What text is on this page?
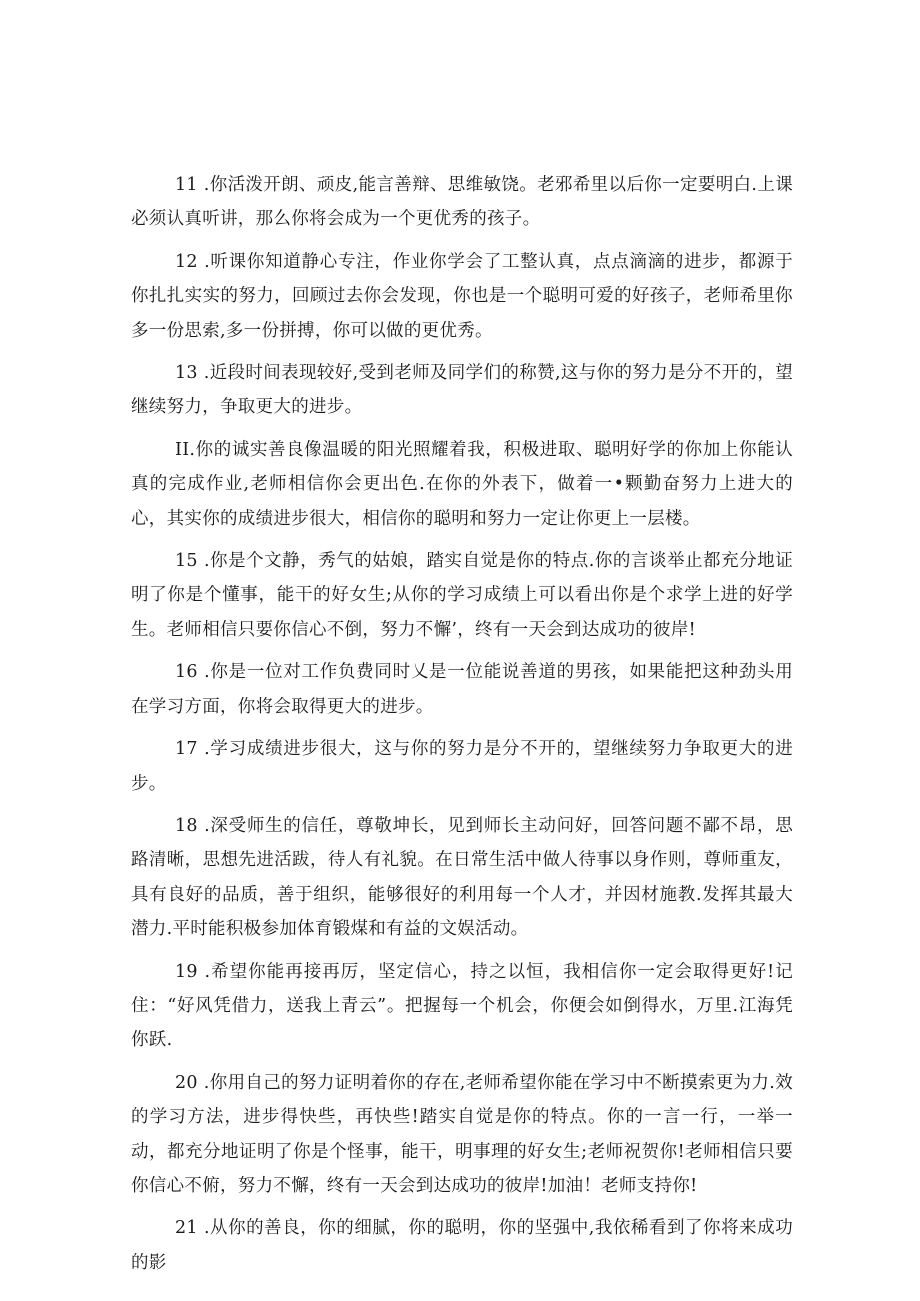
11 .你活泼开朗、顽皮,能言善辩、思维敏饶。老邪希里以后你一定要明白.上课必须认真听讲，那么你将会成为一个更优秀的孩子。

12 .听课你知道静心专注，作业你学会了工整认真，点点滴滴的进步，都源于你扎扎实实的努力，回顾过去你会发现，你也是一个聪明可爱的好孩子，老师希里你多一份思索,多一份拼搏，你可以做的更优秀。

13 .近段时间表现较好,受到老师及同学们的称赞,这与你的努力是分不开的，望继续努力，争取更大的进步。

II.你的诚实善良像温暖的阳光照耀着我，积极进取、聪明好学的你加上你能认真的完成作业,老师相信你会更出色.在你的外表下，做着一•颗勤奋努力上进大的心，其实你的成绩进步很大，相信你的聪明和努力一定让你更上一层楼。

15 .你是个文静，秀气的姑娘，踏实自觉是你的特点.你的言谈举止都充分地证明了你是个懂事，能干的好女生;从你的学习成绩上可以看出你是个求学上进的好学生。老师相信只要你信心不倒，努力不懈’，终有一天会到达成功的彼岸!

16 .你是一位对工作负费同时乂是一位能说善道的男孩，如果能把这种劲头用在学习方面，你将会取得更大的进步。

17 .学习成绩进步很大，这与你的努力是分不开的，望继续努力争取更大的进步。

18 .深受师生的信任，尊敬坤长，见到师长主动问好，回答问题不鄙不昂，思路清晰，思想先进活跋，待人有礼貌。在日常生活中做人待事以身作则，尊师重友，具有良好的品质，善于组织，能够很好的利用每一个人才，并因材施教.发挥其最大潜力.平时能积极参加体育锻煤和有益的文娱活动。

19 .希望你能再接再厉，坚定信心，持之以恒，我相信你一定会取得更好!记住：“好风凭借力，送我上青云”。把握每一个机会，你便会如倒得水，万里.江海凭你跃.

20 .你用自己的努力证明着你的存在,老师希望你能在学习中不断摸索更为力.效的学习方法，进步得快些，再快些!踏实自觉是你的特点。你的一言一行，一举一动，都充分地证明了你是个怪事，能干，明事理的好女生;老师祝贺你!老师相信只要你信心不俯，努力不懈，终有一天会到达成功的彼岸!加油！老师支持你!

21 .从你的善良，你的细腻，你的聪明，你的坚强中,我依稀看到了你将来成功的影
